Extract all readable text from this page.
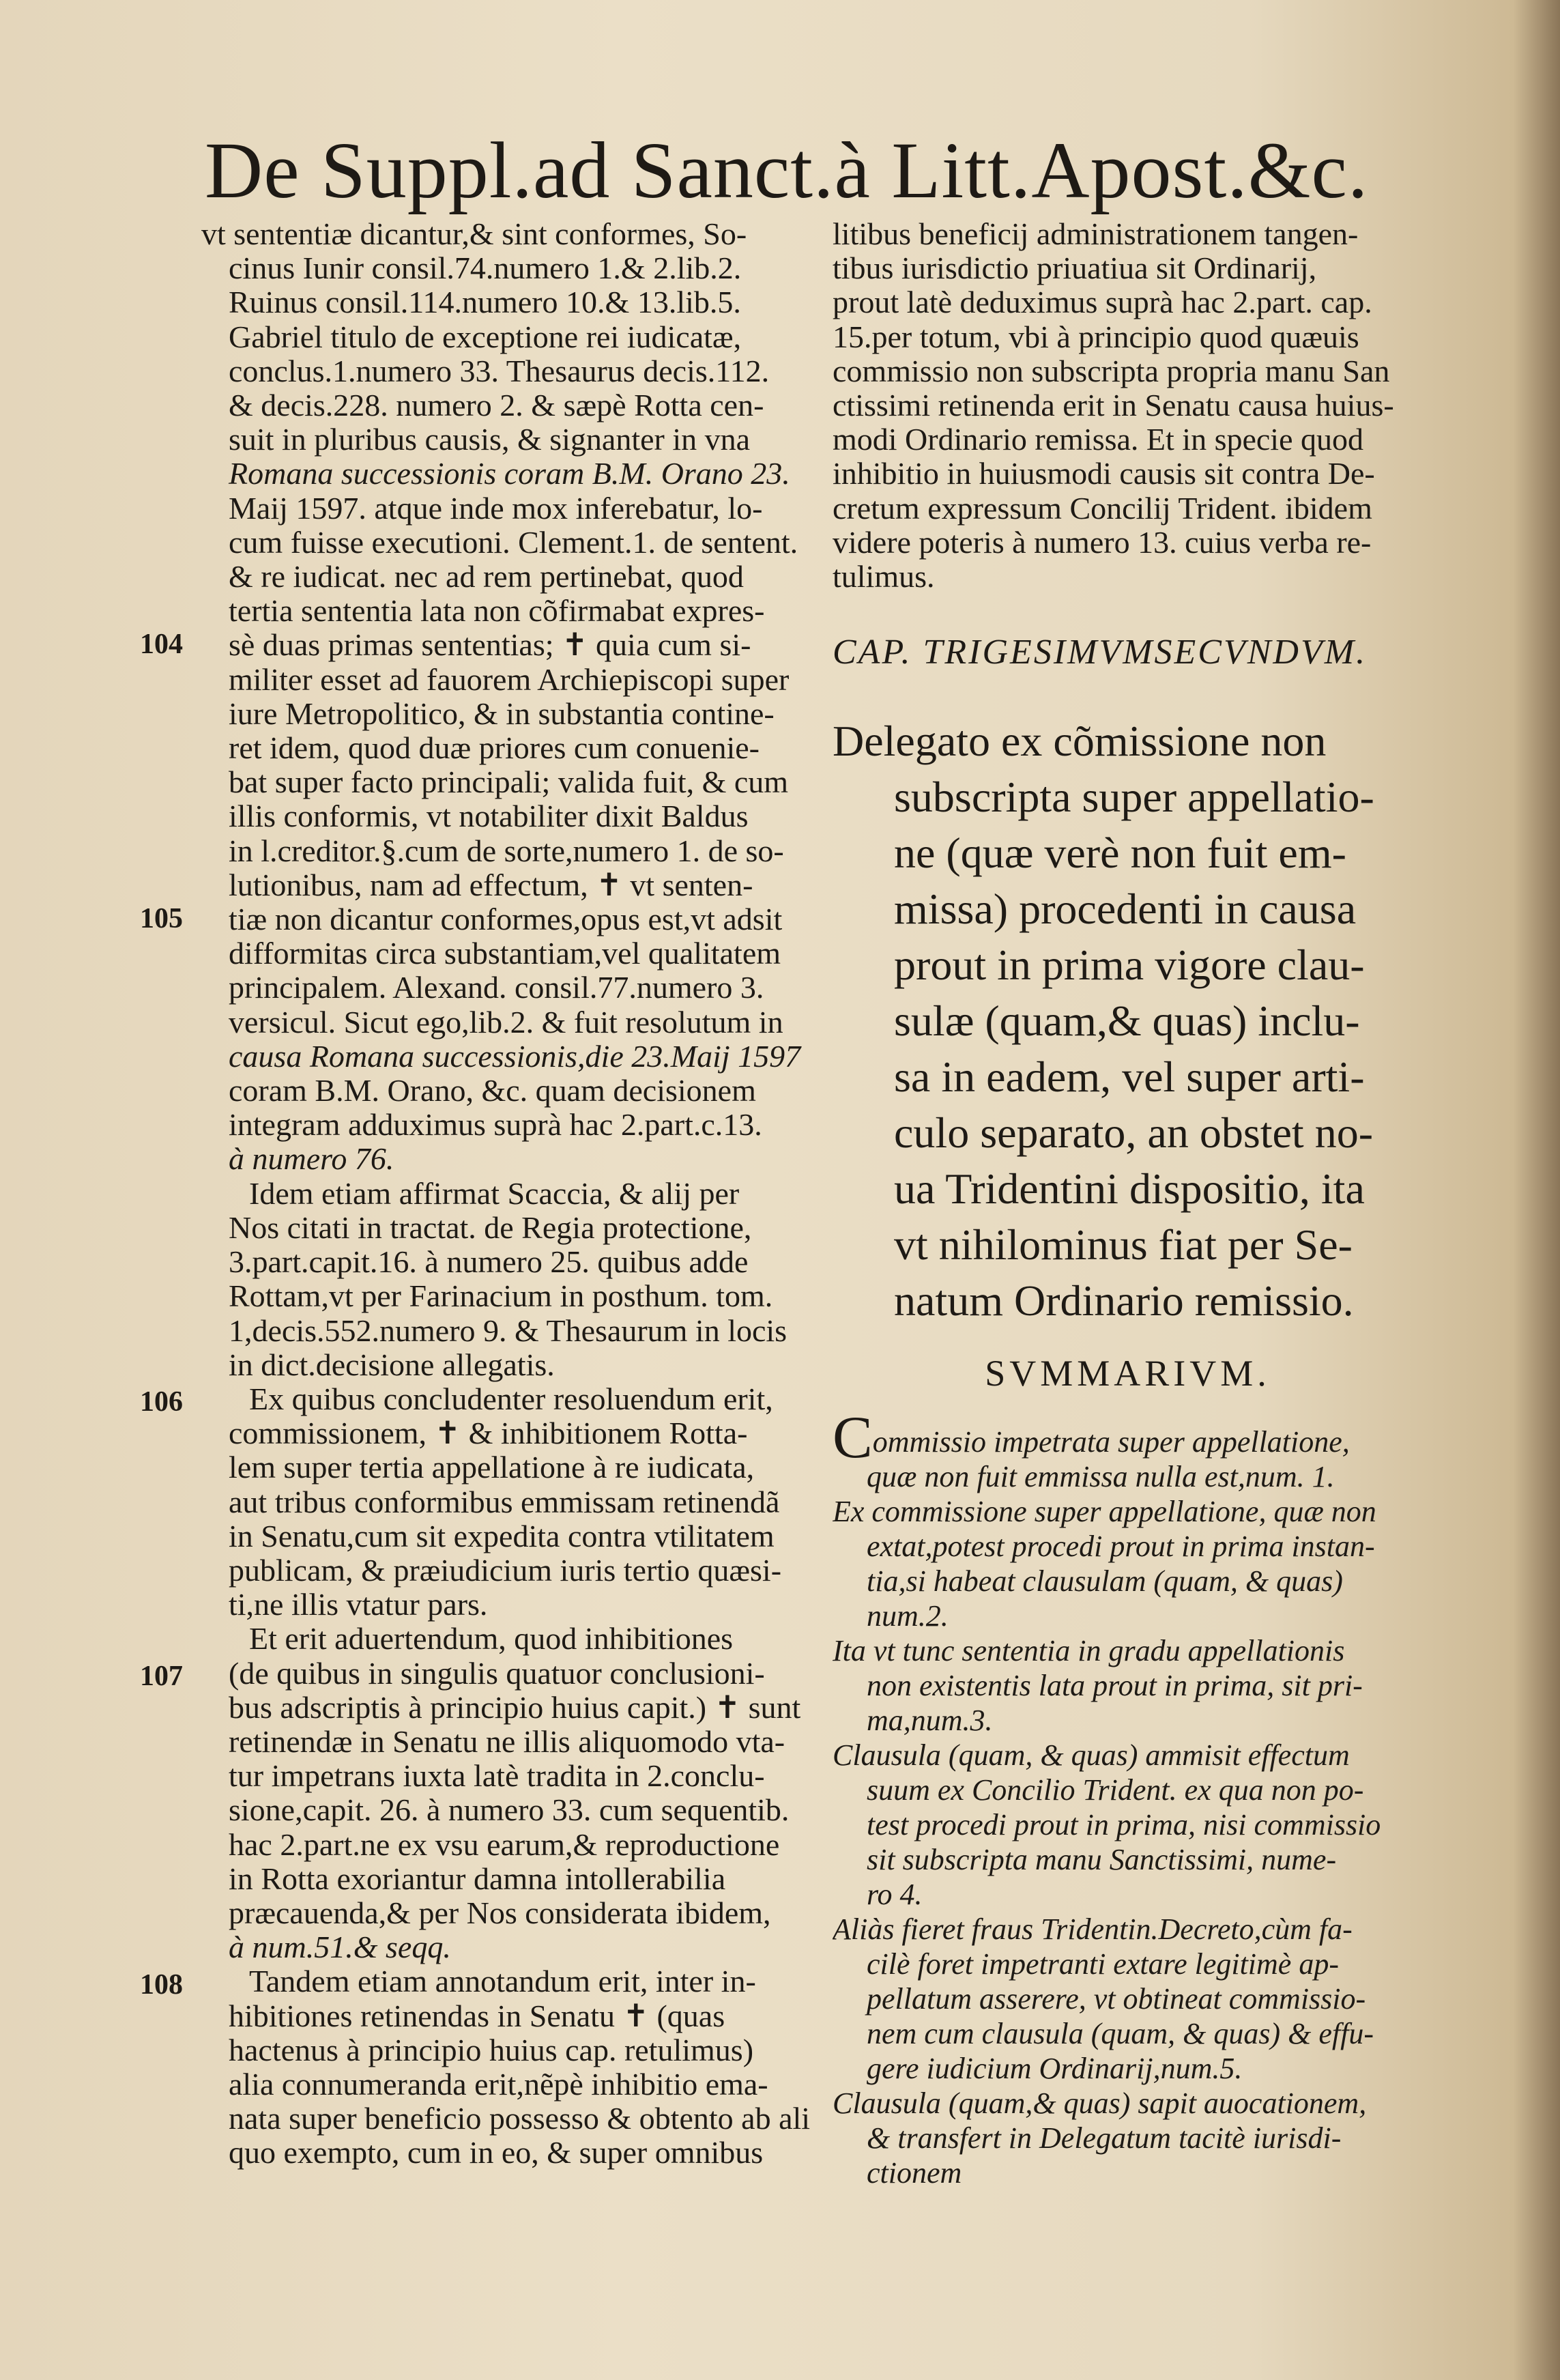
De Suppl.ad Sanct.à Litt.Apost.&c.
vt sententiæ dicantur,& sint conformes, So-
cinus Iunir consil.74.numero 1.& 2.lib.2.
Ruinus consil.114.numero 10.& 13.lib.5.
Gabriel titulo de exceptione rei iudicatæ,
conclus.1.numero 33. Thesaurus decis.112.
& decis.228. numero 2. & sæpè Rotta cen-
suit in pluribus causis, & signanter in vna
Romana successionis coram B.M. Orano 23.
Maij 1597. atque inde mox inferebatur, lo-
cum fuisse executioni. Clement.1. de sentent.
& re iudicat. nec ad rem pertinebat, quod
tertia sententia lata non cõfirmabat expres-
sè duas primas sententias; ✝ quia cum si-
militer esset ad fauorem Archiepiscopi super
iure Metropolitico, & in substantia contine-
ret idem, quod duæ priores cum conuenie-
bat super facto principali; valida fuit, & cum
illis conformis, vt notabiliter dixit Baldus
in l.creditor.§.cum de sorte,numero 1. de so-
lutionibus, nam ad effectum, ✝ vt senten-
tiæ non dicantur conformes,opus est,vt adsit
difformitas circa substantiam,vel qualitatem
principalem. Alexand. consil.77.numero 3.
versicul. Sicut ego,lib.2. & fuit resolutum in
causa Romana successionis,die 23.Maij 1597
coram B.M. Orano, &c. quam decisionem
integram adduximus suprà hac 2.part.c.13.
à numero 76.
Idem etiam affirmat Scaccia, & alij per
Nos citati in tractat. de Regia protectione,
3.part.capit.16. à numero 25. quibus adde
Rottam,vt per Farinacium in posthum. tom.
1,decis.552.numero 9. & Thesaurum in locis
in dict.decisione allegatis.
Ex quibus concludenter resoluendum erit,
commissionem, ✝ & inhibitionem Rotta-
lem super tertia appellatione à re iudicata,
aut tribus conformibus emmissam retinendã
in Senatu,cum sit expedita contra vtilitatem
publicam, & præiudicium iuris tertio quæsi-
ti,ne illis vtatur pars.
Et erit aduertendum, quod inhibitiones
(de quibus in singulis quatuor conclusioni-
bus adscriptis à principio huius capit.) ✝ sunt
retinendæ in Senatu ne illis aliquomodo vta-
tur impetrans iuxta latè tradita in 2.conclu-
sione,capit. 26. à numero 33. cum sequentib.
hac 2.part.ne ex vsu earum,& reproductione
in Rotta exoriantur damna intollerabilia
præcauenda,& per Nos considerata ibidem,
à num.51.& seqq.
Tandem etiam annotandum erit, inter in-
hibitiones retinendas in Senatu ✝ (quas
hactenus à principio huius cap. retulimus)
alia connumeranda erit,nẽpè inhibitio ema-
nata super beneficio possesso & obtento ab ali
quo exempto, cum in eo, & super omnibus
104
105
106
107
108
litibus beneficij administrationem tangen-
tibus iurisdictio priuatiua sit Ordinarij,
prout latè deduximus suprà hac 2.part. cap.
15.per totum, vbi à principio quod quæuis
commissio non subscripta propria manu San
ctissimi retinenda erit in Senatu causa huius-
modi Ordinario remissa. Et in specie quod
inhibitio in huiusmodi causis sit contra De-
cretum expressum Concilij Trident. ibidem
videre poteris à numero 13. cuius verba re-
tulimus.
CAP. TRIGESIMVMSECVNDVM.
Delegato ex cõmissione non
subscripta super appellatio-
ne (quæ verè non fuit em-
missa) procedenti in causa
prout in prima vigore clau-
sulæ (quam,& quas) inclu-
sa in eadem, vel super arti-
culo separato, an obstet no-
ua Tridentini dispositio, ita
vt nihilominus fiat per Se-
natum Ordinario remissio.
SVMMARIVM.
Commissio impetrata super appellatione,
quæ non fuit emmissa nulla est,num. 1.
Ex commissione super appellatione, quæ non
extat,potest procedi prout in prima instan-
tia,si habeat clausulam (quam, & quas)
num.2.
Ita vt tunc sententia in gradu appellationis
non existentis lata prout in prima, sit pri-
ma,num.3.
Clausula (quam, & quas) ammisit effectum
suum ex Concilio Trident. ex qua non po-
test procedi prout in prima, nisi commissio
sit subscripta manu Sanctissimi, nume-
ro 4.
Aliàs fieret fraus Tridentin.Decreto,cùm fa-
cilè foret impetranti extare legitimè ap-
pellatum asserere, vt obtineat commissio-
nem cum clausula (quam, & quas) & effu-
gere iudicium Ordinarij,num.5.
Clausula (quam,& quas) sapit auocationem,
& transfert in Delegatum tacitè iurisdi-
ctionem
